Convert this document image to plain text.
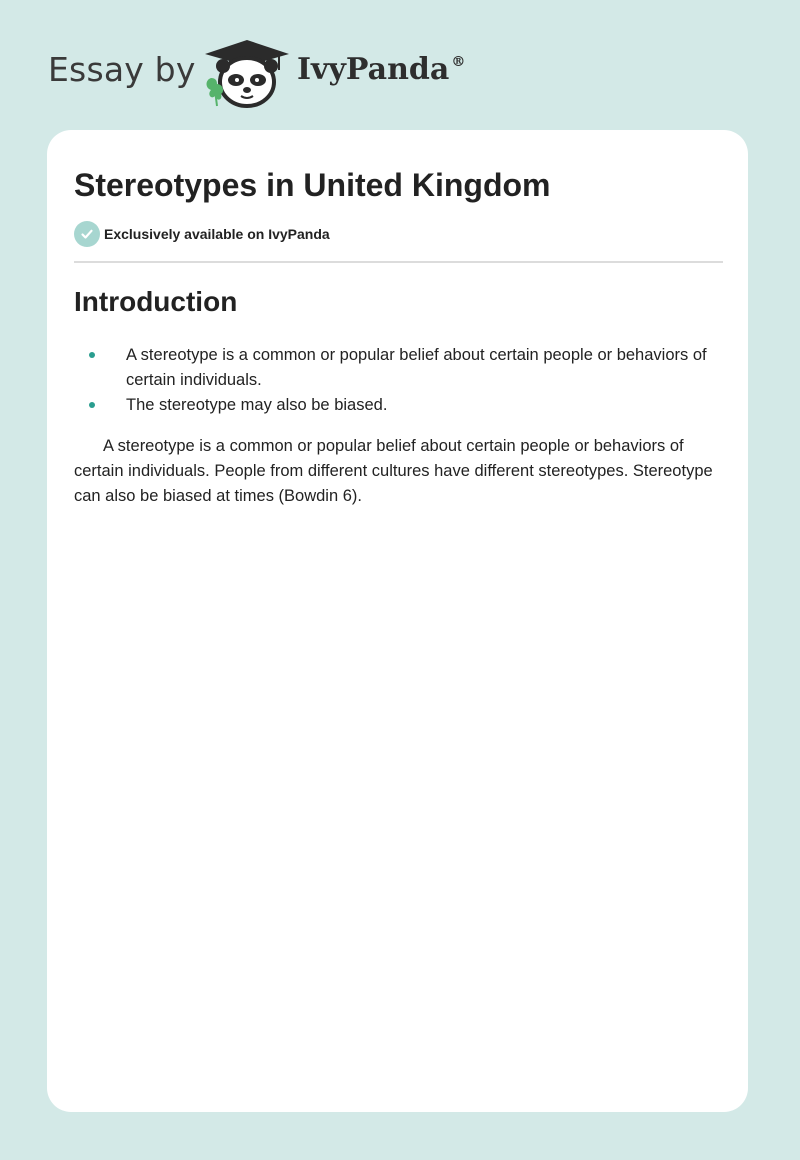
Essay by	IvyPanda ®
Stereotypes in United Kingdom
Exclusively available on IvyPanda
Introduction
A stereotype is a common or popular belief about certain people or behaviors of certain individuals.
The stereotype may also be biased.

A stereotype is a common or popular belief about certain people or behaviors of certain individuals. People from different cultures have different stereotypes. Stereotype can also be biased at times (Bowdin 6).
